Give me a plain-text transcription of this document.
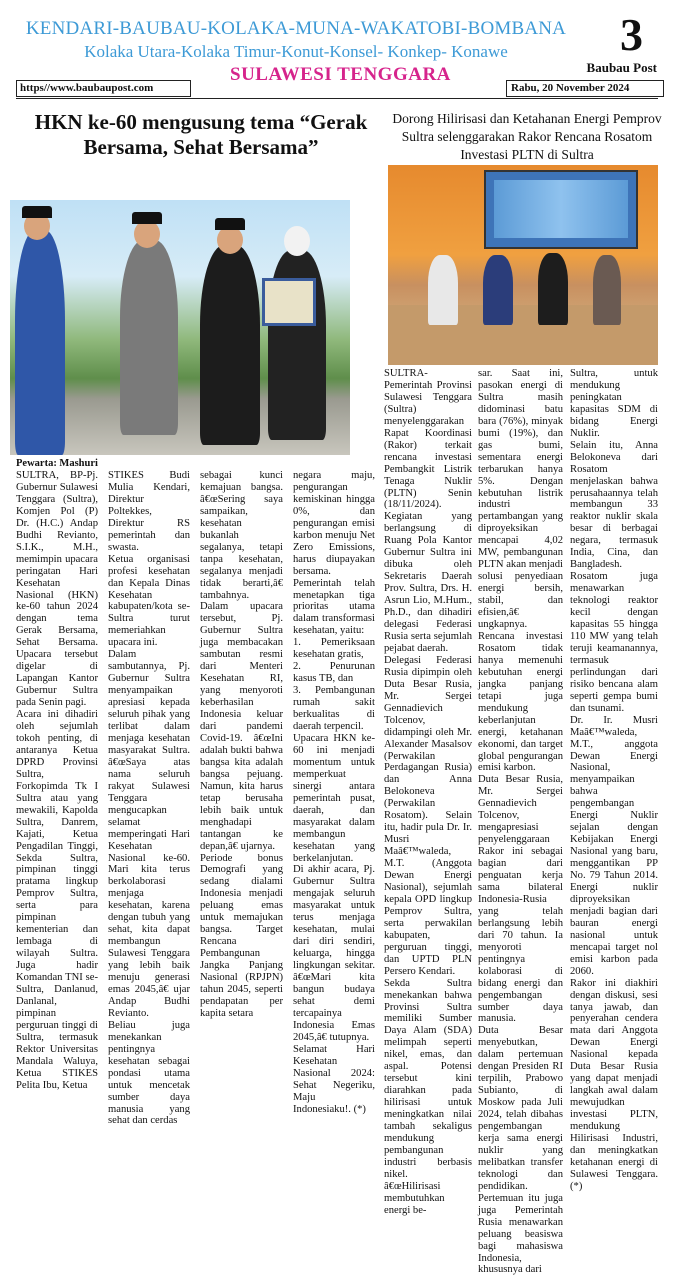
KENDARI-BAUBAU-KOLAKA-MUNA-WAKATOBI-BOMBANA
Kolaka Utara-Kolaka Timur-Konut-Konsel- Konkep- Konawe
SULAWESI TENGGARA
3
Baubau Post
https//www.baubaupost.com	Rabu, 20 November 2024
HKN ke-60 mengusung tema “Gerak Bersama, Sehat Bersama”
Dorong Hilirisasi dan Ketahanan Energi Pemprov Sultra selenggarakan Rakor Rencana Rosatom Investasi PLTN di Sultra
Pewarta: Mashuri
SULTRA, BP-Pj. Gubernur Sulawesi Tenggara (Sultra), Komjen Pol (P) Dr. (H.C.) Andap Budhi Revianto, S.I.K., M.H., memimpin upacara peringatan Hari Kesehatan Nasional (HKN) ke-60 tahun 2024 dengan tema Gerak Bersama, Sehat Bersama. Upacara tersebut digelar di Lapangan Kantor Gubernur Sultra pada Senin pagi.
Acara ini dihadiri oleh sejumlah tokoh penting, di antaranya Ketua DPRD Provinsi Sultra, Forkopimda Tk I Sultra atau yang mewakili, Kapolda Sultra, Danrem, Kajati, Ketua Pengadilan Tinggi, Sekda Sultra, pimpinan tinggi pratama lingkup Pemprov Sultra, serta para pimpinan kementerian dan lembaga di wilayah Sultra. Juga hadir Komandan TNI se-Sultra, Danlanud, Danlanal, pimpinan perguruan tinggi di Sultra, termasuk Rektor Universitas Mandala Waluya, Ketua STIKES Pelita Ibu, Ketua
STIKES Budi Mulia Kendari, Direktur Poltekkes, Direktur RS pemerintah dan swasta.
Ketua organisasi profesi kesehatan dan Kepala Dinas Kesehatan kabupaten/kota se-Sultra turut memeriahkan upacara ini.
Dalam sambutannya, Pj. Gubernur Sultra menyampaikan apresiasi kepada seluruh pihak yang terlibat dalam menjaga kesehatan masyarakat Sultra. â€œSaya atas nama seluruh rakyat Sulawesi Tenggara mengucapkan selamat memperingati Hari Kesehatan Nasional ke-60. Mari kita terus berkolaborasi menjaga kesehatan, karena dengan tubuh yang sehat, kita dapat membangun Sulawesi Tenggara yang lebih baik menuju generasi emas 2045,â€ ujar Andap Budhi Revianto.
Beliau juga menekankan pentingnya kesehatan sebagai pondasi utama untuk mencetak sumber daya manusia yang sehat dan cerdas
sebagai kunci kemajuan bangsa. â€œSering saya sampaikan, kesehatan bukanlah segalanya, tetapi tanpa kesehatan, segalanya menjadi tidak berarti,â€ tambahnya.
Dalam upacara tersebut, Pj. Gubernur Sultra juga membacakan sambutan resmi dari Menteri Kesehatan RI, yang menyoroti keberhasilan Indonesia keluar dari pandemi Covid-19. â€œIni adalah bukti bahwa bangsa kita adalah bangsa pejuang. Namun, kita harus tetap berusaha lebih baik untuk menghadapi tantangan ke depan,â€ ujarnya.
Periode bonus Demografi yang sedang dialami Indonesia menjadi peluang emas untuk memajukan bangsa. Target Rencana Pembangunan Jangka Panjang Nasional (RPJPN) tahun 2045, seperti pendapatan per kapita setara
negara maju, pengurangan kemiskinan hingga 0%, dan pengurangan emisi karbon menuju Net Zero Emissions, harus diupayakan bersama.
Pemerintah telah menetapkan tiga prioritas utama dalam transformasi kesehatan, yaitu:
1. Pemeriksaan kesehatan gratis,
2. Penurunan kasus TB, dan
3. Pembangunan rumah sakit berkualitas di daerah terpencil.
Upacara HKN ke-60 ini menjadi momentum untuk memperkuat sinergi antara pemerintah pusat, daerah, dan masyarakat dalam membangun kesehatan yang berkelanjutan.
Di akhir acara, Pj. Gubernur Sultra mengajak seluruh masyarakat untuk terus menjaga kesehatan, mulai dari diri sendiri, keluarga, hingga lingkungan sekitar. â€œMari kita bangun budaya sehat demi tercapainya Indonesia Emas 2045,â€ tutupnya.
Selamat Hari Kesehatan Nasional 2024: Sehat Negeriku, Maju Indonesiaku!. (*)
SULTRA-Pemerintah Provinsi Sulawesi Tenggara (Sultra) menyelenggarakan Rapat Koordinasi (Rakor) terkait rencana investasi Pembangkit Listrik Tenaga Nuklir (PLTN) Senin (18/11/2024). Kegiatan yang berlangsung di Ruang Pola Kantor Gubernur Sultra ini dibuka oleh Sekretaris Daerah Prov. Sultra, Drs. H. Asrun Lio, M.Hum., Ph.D., dan dihadiri delegasi Federasi Rusia serta sejumlah pejabat daerah.
Delegasi Federasi Rusia dipimpin oleh Duta Besar Rusia, Mr. Sergei Gennadievich Tolcenov, didampingi oleh Mr. Alexander Masalsov (Perwakilan Perdagangan Rusia) dan Anna Belokoneva (Perwakilan Rosatom). Selain itu, hadir pula Dr. Ir. Musri Maâ€™waleda, M.T. (Anggota Dewan Energi Nasional), sejumlah kepala OPD lingkup Pemprov Sultra, serta perwakilan kabupaten, perguruan tinggi, dan UPTD PLN Persero Kendari.
Sekda Sultra menekankan bahwa Provinsi Sultra memiliki Sumber Daya Alam (SDA) melimpah seperti nikel, emas, dan aspal. Potensi tersebut kini diarahkan pada hilirisasi untuk meningkatkan nilai tambah sekaligus mendukung pembangunan industri berbasis nikel.
â€œHilirisasi membutuhkan energi be-
sar. Saat ini, pasokan energi di Sultra masih didominasi batu bara (76%), minyak bumi (19%), dan gas bumi, sementara energi terbarukan hanya 5%. Dengan kebutuhan listrik industri pertambangan yang diproyeksikan mencapai 4,02 MW, pembangunan PLTN akan menjadi solusi penyediaan energi bersih, stabil, dan efisien,â€ ungkapnya.
Rencana investasi Rosatom tidak hanya memenuhi kebutuhan energi jangka panjang tetapi juga mendukung keberlanjutan energi, ketahanan ekonomi, dan target global pengurangan emisi karbon.
Duta Besar Rusia, Mr. Sergei Gennadievich Tolcenov, mengapresiasi penyelenggaraan Rakor ini sebagai bagian dari penguatan kerja sama bilateral Indonesia-Rusia yang telah berlangsung lebih dari 70 tahun. Ia menyoroti pentingnya kolaborasi di bidang energi dan pengembangan sumber daya manusia.
Duta Besar menyebutkan, dalam pertemuan dengan Presiden RI terpilih, Prabowo Subianto, di Moskow pada Juli 2024, telah dibahas pengembangan kerja sama energi nuklir yang melibatkan transfer teknologi dan pendidikan. Pertemuan itu juga juga Pemerintah Rusia menawarkan peluang beasiswa bagi mahasiswa Indonesia, khususnya dari
Sultra, untuk mendukung peningkatan kapasitas SDM di bidang Energi Nuklir.
Selain itu, Anna Belokoneva dari Rosatom menjelaskan bahwa perusahaannya telah membangun 33 reaktor nuklir skala besar di berbagai negara, termasuk India, Cina, dan Bangladesh. Rosatom juga menawarkan teknologi reaktor kecil dengan kapasitas 55 hingga 110 MW yang telah teruji keamanannya, termasuk perlindungan dari risiko bencana alam seperti gempa bumi dan tsunami.
Dr. Ir. Musri Maâ€™waleda, M.T., anggota Dewan Energi Nasional, menyampaikan bahwa pengembangan Energi Nuklir sejalan dengan Kebijakan Energi Nasional yang baru, menggantikan PP No. 79 Tahun 2014. Energi nuklir diproyeksikan menjadi bagian dari bauran energi nasional untuk mencapai target nol emisi karbon pada 2060.
Rakor ini diakhiri dengan diskusi, sesi tanya jawab, dan penyerahan cendera mata dari Anggota Dewan Energi Nasional kepada Duta Besar Rusia yang dapat menjadi langkah awal dalam mewujudkan investasi PLTN, mendukung Hilirisasi Industri, dan meningkatkan ketahanan energi di Sulawesi Tenggara. (*)
